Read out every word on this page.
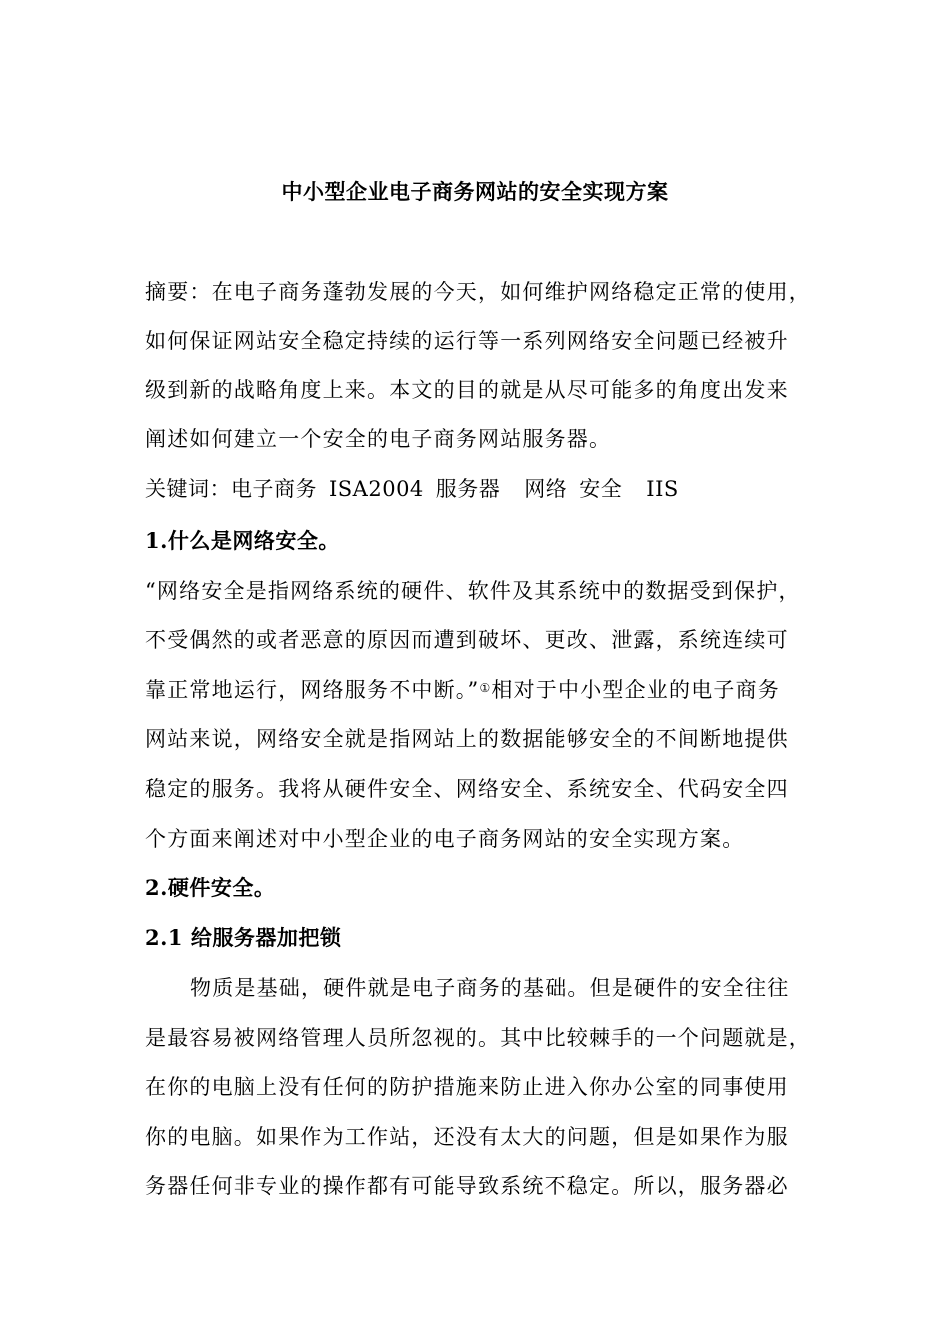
中小型企业电子商务网站的安全实现方案
摘要：在电子商务蓬勃发展的今天，如何维护网络稳定正常的使用，
如何保证网站安全稳定持续的运行等一系列网络安全问题已经被升
级到新的战略角度上来。本文的目的就是从尽可能多的角度出发来
阐述如何建立一个安全的电子商务网站服务器。
关键词：电子商务 ISA2004 服务器 网络 安全 IIS
1.什么是网络安全。
“网络安全是指网络系统的硬件、软件及其系统中的数据受到保护，
不受偶然的或者恶意的原因而遭到破坏、更改、泄露，系统连续可
靠正常地运行，网络服务不中断。”①相对于中小型企业的电子商务
网站来说，网络安全就是指网站上的数据能够安全的不间断地提供
稳定的服务。我将从硬件安全、网络安全、系统安全、代码安全四
个方面来阐述对中小型企业的电子商务网站的安全实现方案。
2.硬件安全。
2.1 给服务器加把锁
物质是基础，硬件就是电子商务的基础。但是硬件的安全往往
是最容易被网络管理人员所忽视的。其中比较棘手的一个问题就是，
在你的电脑上没有任何的防护措施来防止进入你办公室的同事使用
你的电脑。如果作为工作站，还没有太大的问题，但是如果作为服
务器任何非专业的操作都有可能导致系统不稳定。所以，服务器必
